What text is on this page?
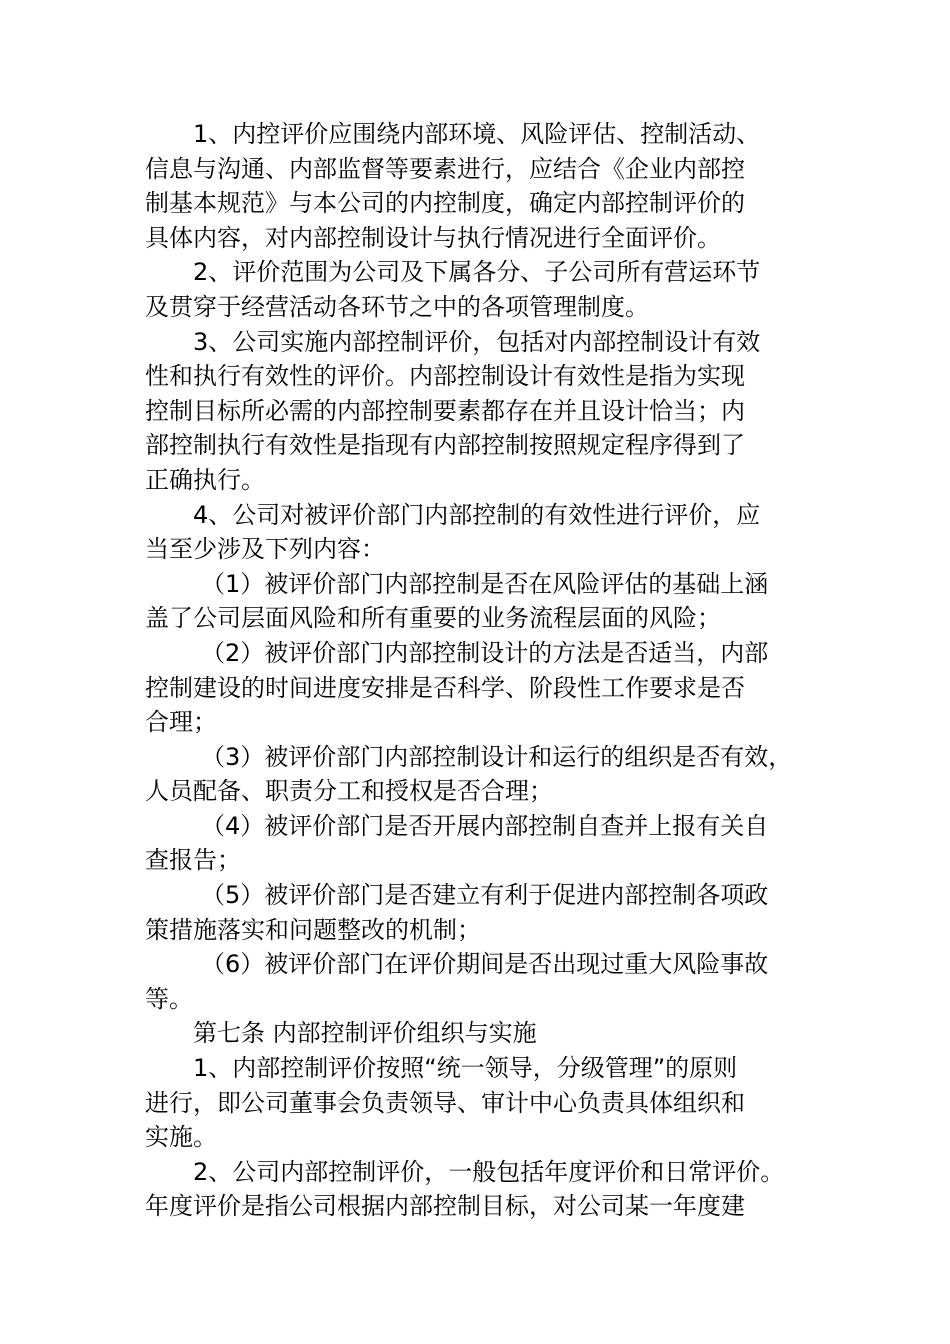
1、内控评价应围绕内部环境、风险评估、控制活动、
信息与沟通、内部监督等要素进行，应结合《企业内部控
制基本规范》与本公司的内控制度，确定内部控制评价的
具体内容，对内部控制设计与执行情况进行全面评价。
2、评价范围为公司及下属各分、子公司所有营运环节
及贯穿于经营活动各环节之中的各项管理制度。
3、公司实施内部控制评价，包括对内部控制设计有效
性和执行有效性的评价。内部控制设计有效性是指为实现
控制目标所必需的内部控制要素都存在并且设计恰当；内
部控制执行有效性是指现有内部控制按照规定程序得到了
正确执行。
4、公司对被评价部门内部控制的有效性进行评价，应
当至少涉及下列内容：
（1）被评价部门内部控制是否在风险评估的基础上涵
盖了公司层面风险和所有重要的业务流程层面的风险；
（2）被评价部门内部控制设计的方法是否适当，内部
控制建设的时间进度安排是否科学、阶段性工作要求是否
合理；
（3）被评价部门内部控制设计和运行的组织是否有效，
人员配备、职责分工和授权是否合理；
（4）被评价部门是否开展内部控制自查并上报有关自
查报告；
（5）被评价部门是否建立有利于促进内部控制各项政
策措施落实和问题整改的机制；
（6）被评价部门在评价期间是否出现过重大风险事故
等。
第七条 内部控制评价组织与实施
1、内部控制评价按照“统一领导，分级管理”的原则
进行，即公司董事会负责领导、审计中心负责具体组织和
实施。
2、公司内部控制评价，一般包括年度评价和日常评价。
年度评价是指公司根据内部控制目标，对公司某一年度建
